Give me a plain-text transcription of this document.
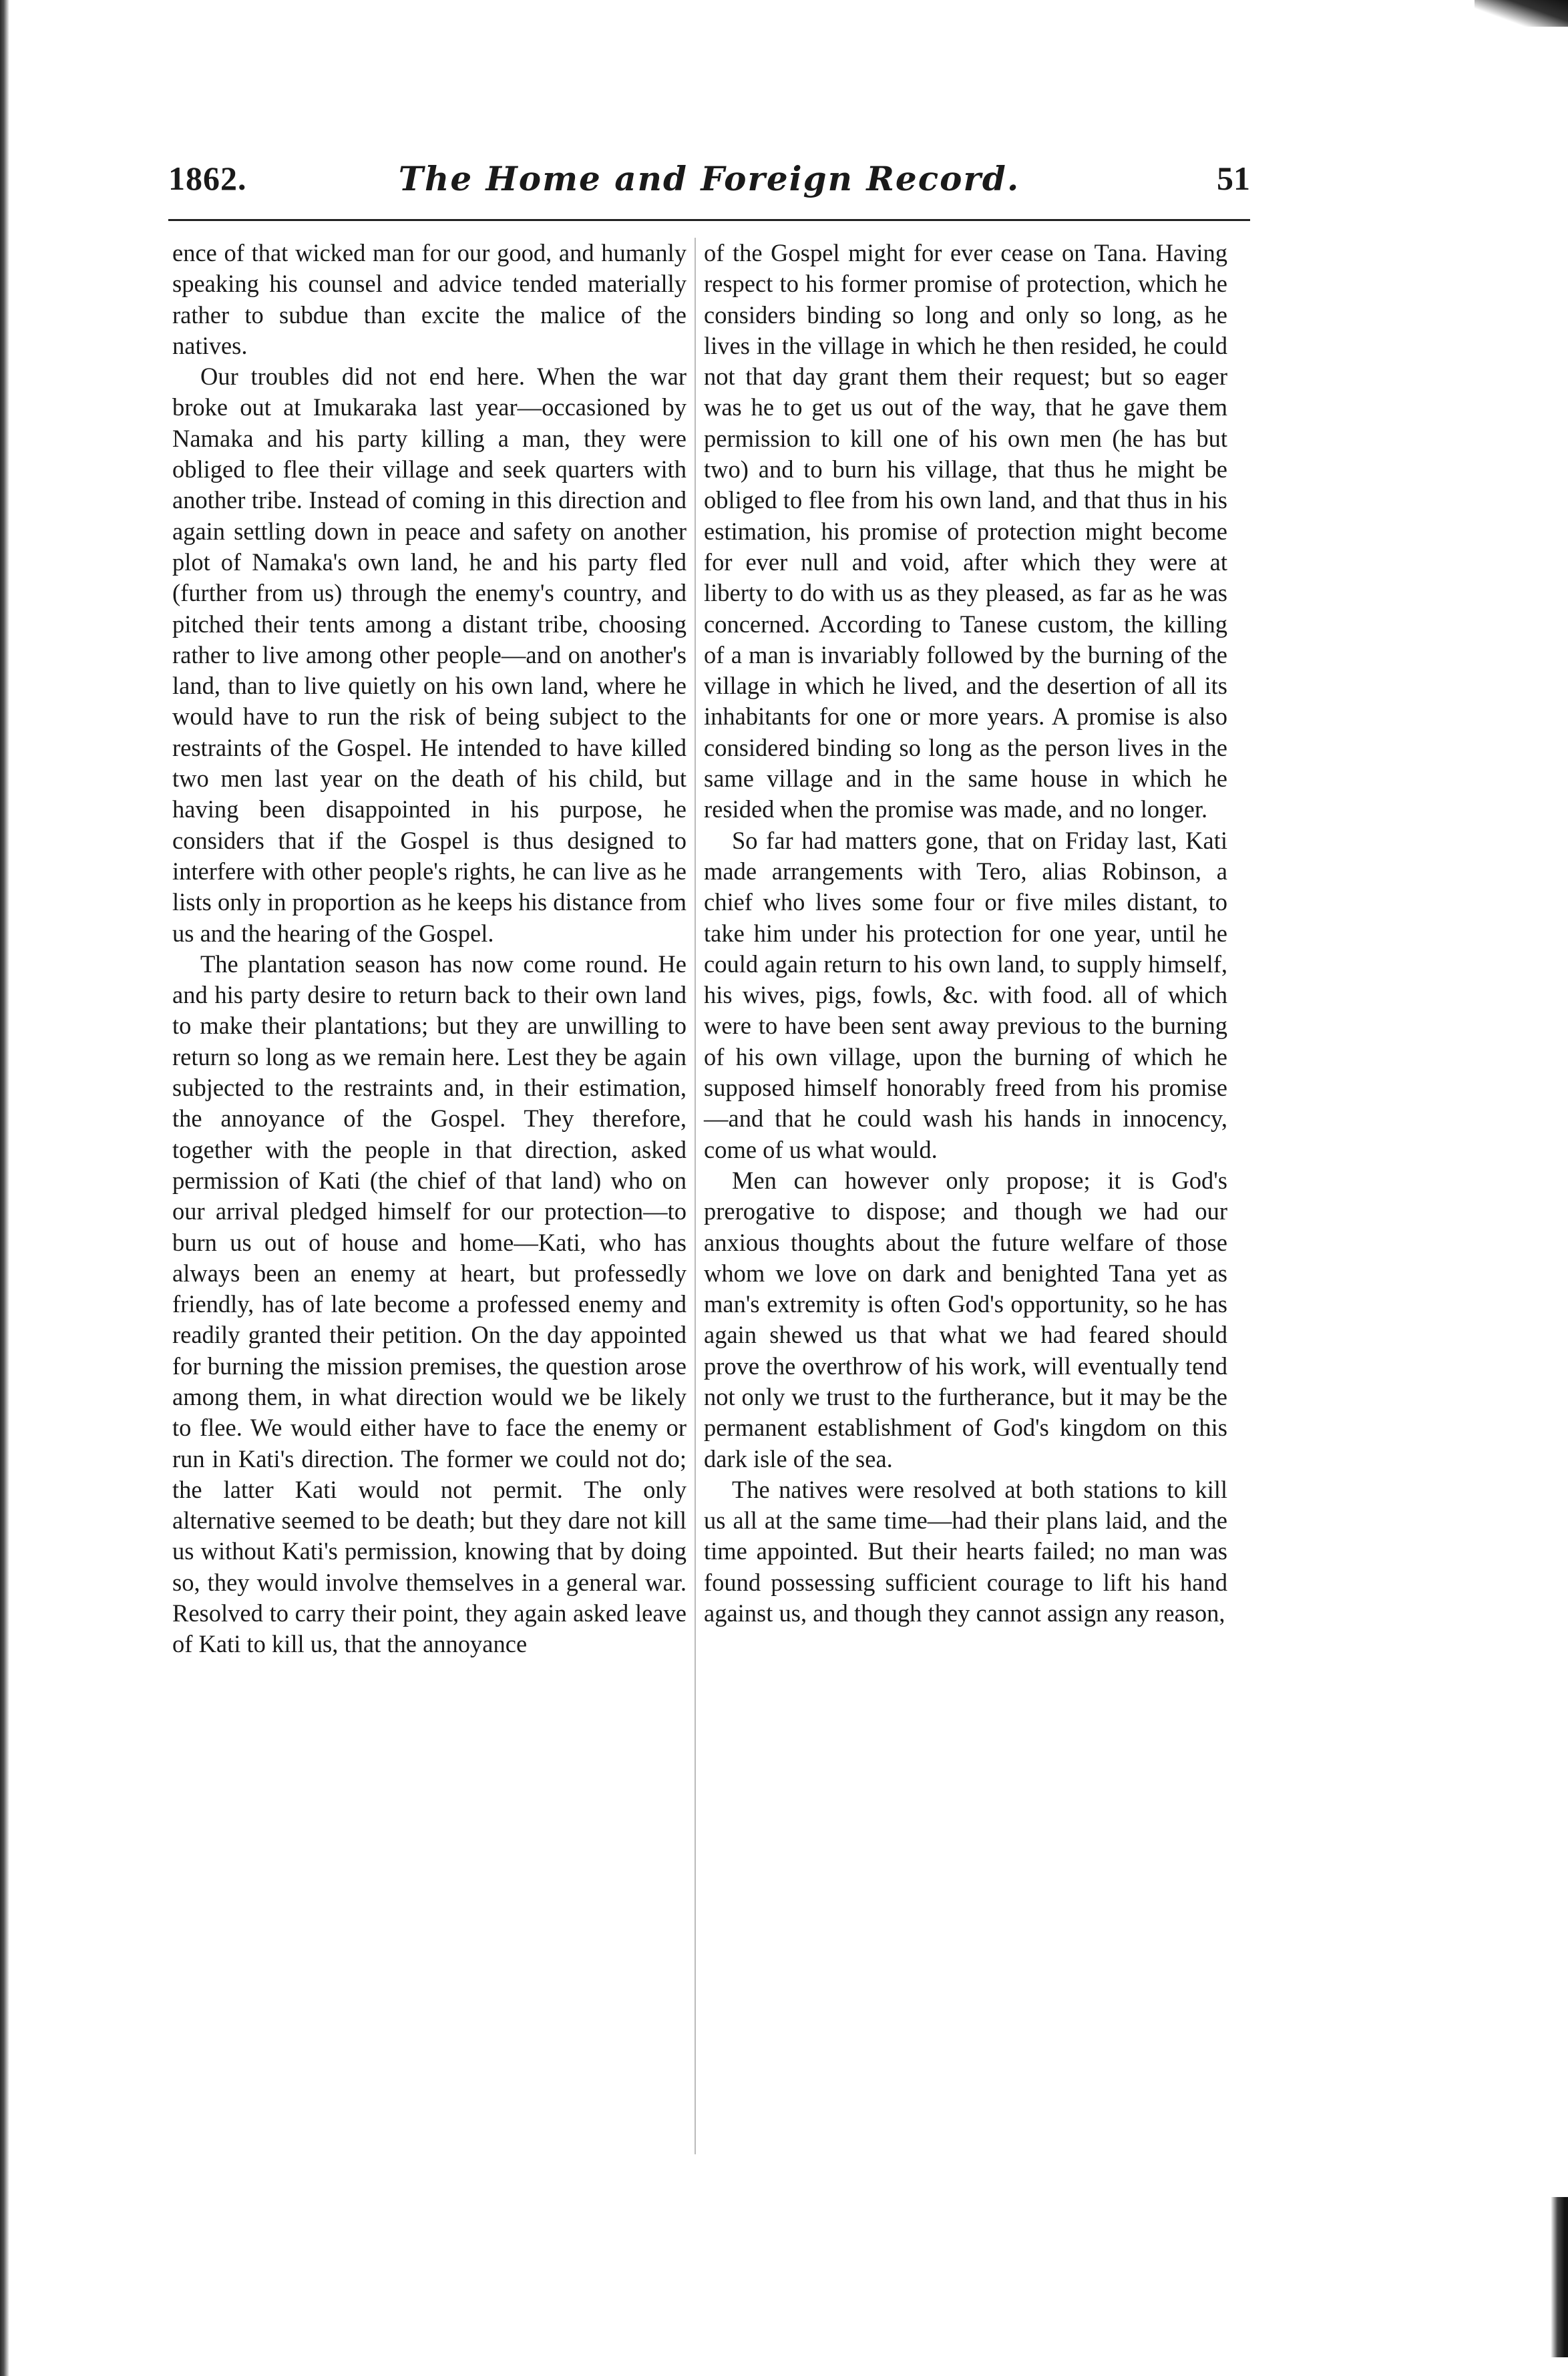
1862.	The Home and Foreign Record.	51

ence of that wicked man for our good, and humanly speaking his counsel and advice tended materially rather to subdue than excite the malice of the natives.

Our troubles did not end here. When the war broke out at Imukaraka last year—occasioned by Namaka and his party killing a man, they were obliged to flee their village and seek quarters with another tribe. Instead of coming in this direction and again settling down in peace and safety on another plot of Namaka's own land, he and his party fled (further from us) through the enemy's country, and pitched their tents among a distant tribe, choosing rather to live among other people—and on another's land, than to live quietly on his own land, where he would have to run the risk of being subject to the restraints of the Gospel. He intended to have killed two men last year on the death of his child, but having been disappointed in his purpose, he considers that if the Gospel is thus designed to interfere with other people's rights, he can live as he lists only in proportion as he keeps his distance from us and the hearing of the Gospel.

The plantation season has now come round. He and his party desire to return back to their own land to make their plantations; but they are unwilling to return so long as we remain here. Lest they be again subjected to the restraints and, in their estimation, the annoyance of the Gospel. They therefore, together with the people in that direction, asked permission of Kati (the chief of that land) who on our arrival pledged himself for our protection—to burn us out of house and home—Kati, who has always been an enemy at heart, but professedly friendly, has of late become a professed enemy and readily granted their petition. On the day appointed for burning the mission premises, the question arose among them, in what direction would we be likely to flee. We would either have to face the enemy or run in Kati's direction. The former we could not do; the latter Kati would not permit. The only alternative seemed to be death; but they dare not kill us without Kati's permission, knowing that by doing so, they would involve themselves in a general war. Resolved to carry their point, they again asked leave of Kati to kill us, that the annoyance

of the Gospel might for ever cease on Tana. Having respect to his former promise of protection, which he considers binding so long and only so long, as he lives in the village in which he then resided, he could not that day grant them their request; but so eager was he to get us out of the way, that he gave them permission to kill one of his own men (he has but two) and to burn his village, that thus he might be obliged to flee from his own land, and that thus in his estimation, his promise of protection might become for ever null and void, after which they were at liberty to do with us as they pleased, as far as he was concerned. According to Tanese custom, the killing of a man is invariably followed by the burning of the village in which he lived, and the desertion of all its inhabitants for one or more years. A promise is also considered binding so long as the person lives in the same village and in the same house in which he resided when the promise was made, and no longer.

So far had matters gone, that on Friday last, Kati made arrangements with Tero, alias Robinson, a chief who lives some four or five miles distant, to take him under his protection for one year, until he could again return to his own land, to supply himself, his wives, pigs, fowls, &c. with food. all of which were to have been sent away previous to the burning of his own village, upon the burning of which he supposed himself honorably freed from his promise—and that he could wash his hands in innocency, come of us what would.

Men can however only propose; it is God's prerogative to dispose; and though we had our anxious thoughts about the future welfare of those whom we love on dark and benighted Tana yet as man's extremity is often God's opportunity, so he has again shewed us that what we had feared should prove the overthrow of his work, will eventually tend not only we trust to the furtherance, but it may be the permanent establishment of God's kingdom on this dark isle of the sea.

The natives were resolved at both stations to kill us all at the same time—had their plans laid, and the time appointed. But their hearts failed; no man was found possessing sufficient courage to lift his hand against us, and though they cannot assign any reason,
